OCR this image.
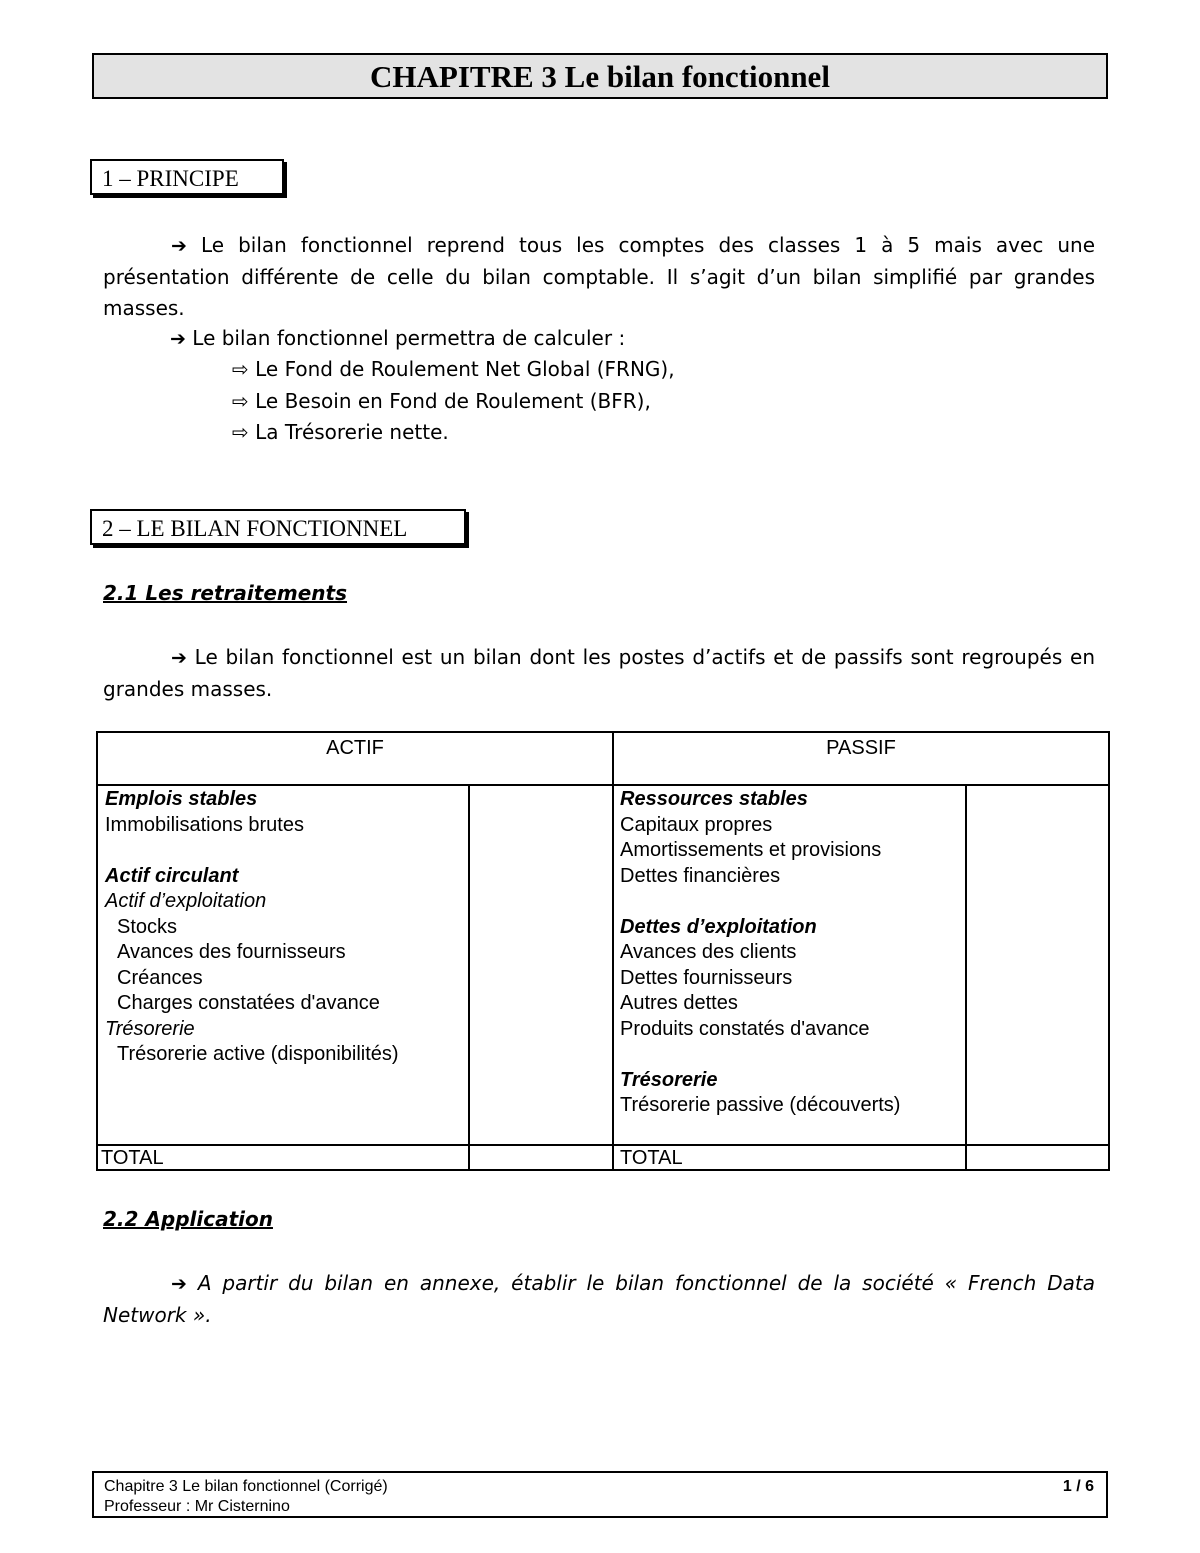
CHAPITRE 3 Le bilan fonctionnel
1 – PRINCIPE
➔ Le bilan fonctionnel reprend tous les comptes des classes 1 à 5 mais avec une présentation différente de celle du bilan comptable. Il s’agit d’un bilan simplifié par grandes masses.
➔ Le bilan fonctionnel permettra de calculer :
⇨ Le Fond de Roulement Net Global (FRNG),
⇨ Le Besoin en Fond de Roulement (BFR),
⇨ La Trésorerie nette.
2 – LE BILAN FONCTIONNEL
2.1 Les retraitements
➔ Le bilan fonctionnel est un bilan dont les postes d’actifs et de passifs sont regroupés en grandes masses.
ACTIF	PASSIF
Emplois stables
Immobilisations brutes

Actif circulant
Actif d’exploitation
Stocks
Avances des fournisseurs
Créances
Charges constatées d'avance
Trésorerie
Trésorerie active (disponibilités)
Ressources stables
Capitaux propres
Amortissements et provisions
Dettes financières

Dettes d’exploitation
Avances des clients
Dettes fournisseurs
Autres dettes
Produits constatés d'avance

Trésorerie
Trésorerie passive (découverts)
TOTAL	TOTAL
2.2 Application
➔ A partir du bilan en annexe, établir le bilan fonctionnel de la société « French Data Network ».
Chapitre 3 Le bilan fonctionnel (Corrigé)
Professeur : Mr Cisternino
1 / 6
